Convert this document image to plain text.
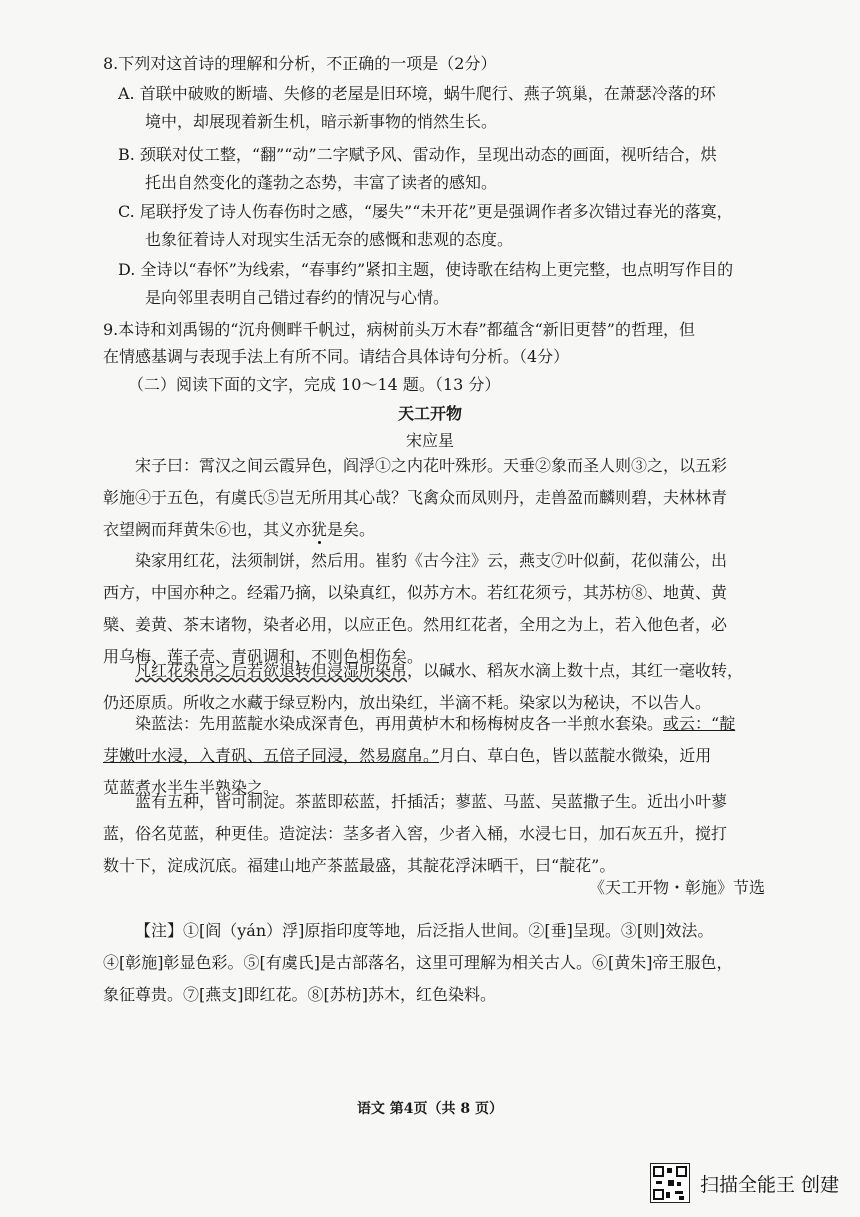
8.下列对这首诗的理解和分析，不正确的一项是（2分）
A. 首联中破败的断墙、失修的老屋是旧环境，蜗牛爬行、燕子筑巢，在萧瑟冷落的环
境中，却展现着新生机，暗示新事物的悄然生长。
B. 颈联对仗工整，“翻”“动”二字赋予风、雷动作，呈现出动态的画面，视听结合，烘
托出自然变化的蓬勃之态势，丰富了读者的感知。
C. 尾联抒发了诗人伤春伤时之感，“屡失”“未开花”更是强调作者多次错过春光的落寞，
也象征着诗人对现实生活无奈的感慨和悲观的态度。
D. 全诗以“春怀”为线索，“春事约”紧扣主题，使诗歌在结构上更完整，也点明写作目的
是向邻里表明自己错过春约的情况与心情。
9.本诗和刘禹锡的“沉舟侧畔千帆过，病树前头万木春”都蕴含“新旧更替”的哲理，但
在情感基调与表现手法上有所不同。请结合具体诗句分析。（4分）
（二）阅读下面的文字，完成 10～14 题。（13 分）
天工开物
宋应星
宋子曰：霄汉之间云霞异色，阎浮①之内花叶殊形。天垂②象而圣人则③之，以五彩
彰施④于五色，有虞氏⑤岂无所用其心哉？飞禽众而凤则丹，走兽盈而麟则碧，夫林林青
衣望阙而拜黄朱⑥也，其义亦犹是矣。
染家用红花，法须制饼，然后用。崔豹《古今注》云，燕支⑦叶似蓟，花似蒲公，出
西方，中国亦种之。经霜乃摘，以染真红，似苏方木。若红花须亏，其苏枋⑧、地黄、黄
檗、姜黄、茶末诸物，染者必用，以应正色。然用红花者，全用之为上，若入他色者，必
用乌梅、莲子壳、青矾调和，不则色相伤矣。
凡红花染帛之后若欲退转但浸湿所染帛，以碱水、稻灰水滴上数十点，其红一毫收转，
仍还原质。所收之水藏于绿豆粉内，放出染红，半滴不耗。染家以为秘诀，不以告人。
染蓝法：先用蓝靛水染成深青色，再用黄栌木和杨梅树皮各一半煎水套染。或云：“靛
芽嫩叶水浸，入青矾、五倍子同浸，然易腐帛。”月白、草白色，皆以蓝靛水微染，近用
苋蓝煮水半生半熟染之。
蓝有五种，皆可制淀。茶蓝即菘蓝，扦插活；蓼蓝、马蓝、吴蓝撒子生。近出小叶蓼
蓝，俗名苋蓝，种更佳。造淀法：茎多者入窖，少者入桶，水浸七日，加石灰五升，搅打
数十下，淀成沉底。福建山地产茶蓝最盛，其靛花浮沫晒干，曰“靛花”。
《天工开物・彰施》节选
【注】①[阎（yán）浮]原指印度等地，后泛指人世间。②[垂]呈现。③[则]效法。
④[彰施]彰显色彩。⑤[有虞氏]是古部落名，这里可理解为相关古人。⑥[黄朱]帝王服色，
象征尊贵。⑦[燕支]即红花。⑧[苏枋]苏木，红色染料。
语文 第4页（共 8 页）
扫描全能王 创建
